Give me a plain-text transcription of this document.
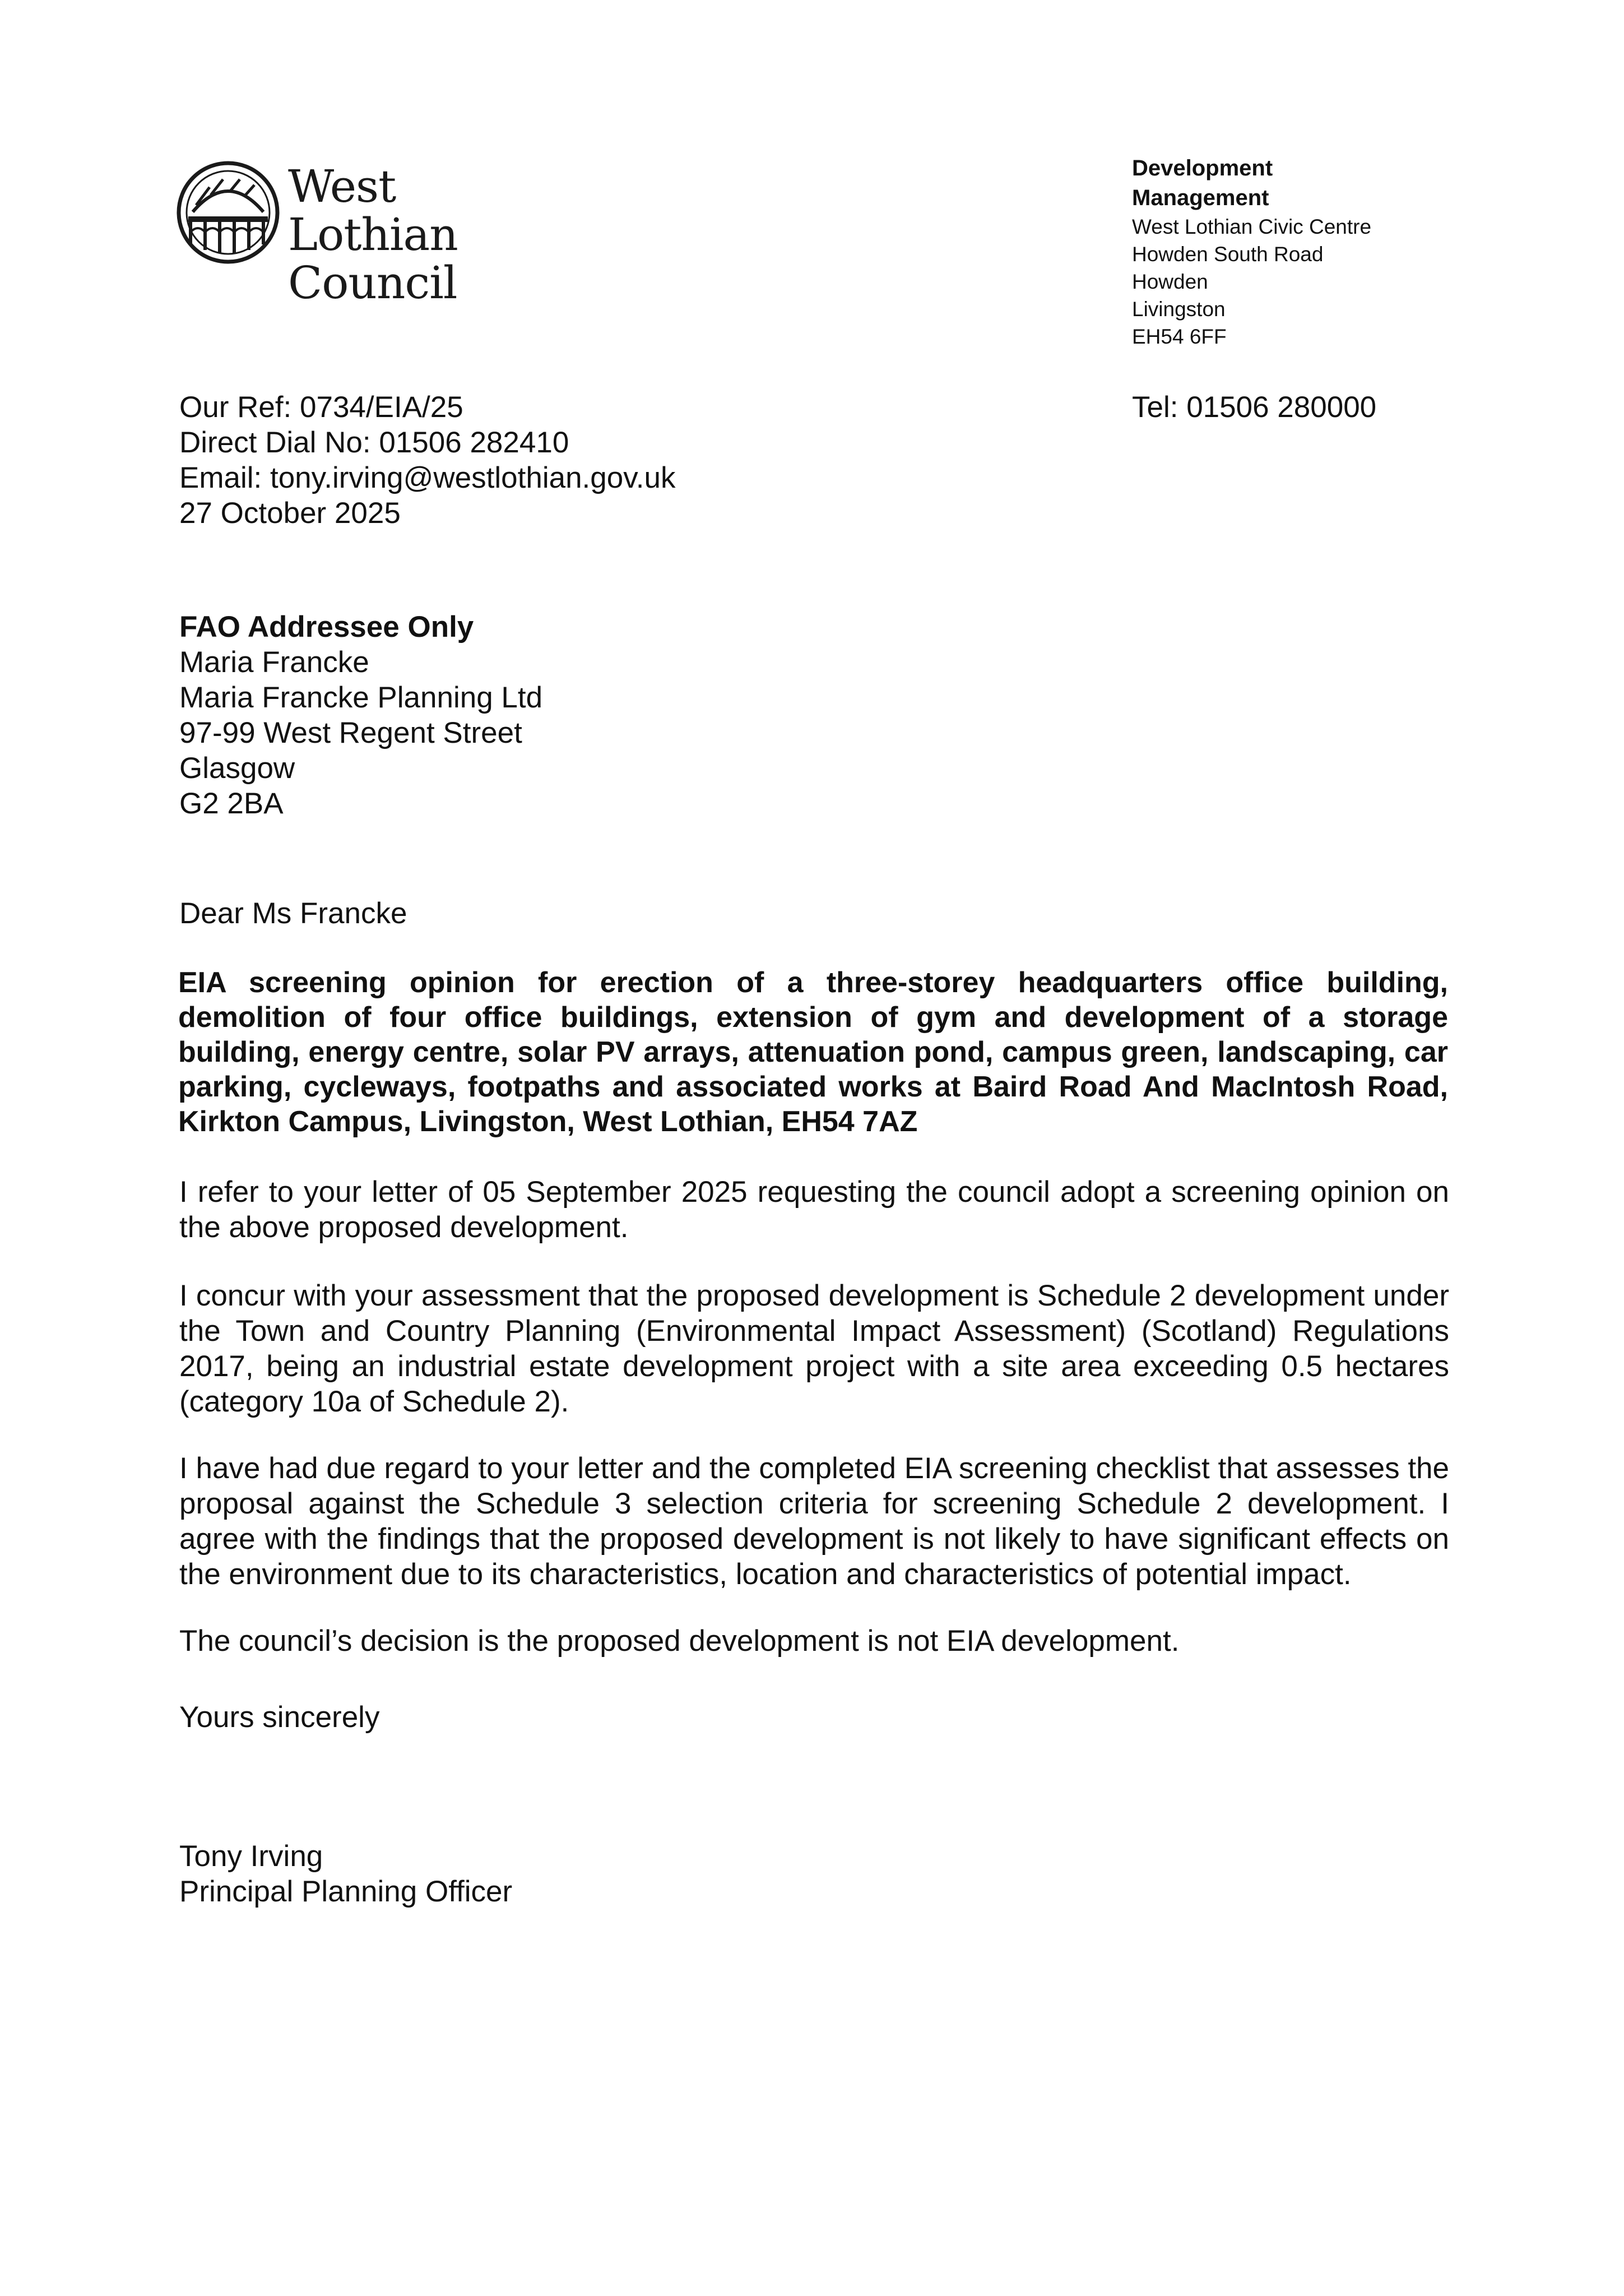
West Lothian
Council
Development
Management
West Lothian Civic Centre
Howden South Road
Howden
Livingston
EH54 6FF
Our Ref: 0734/EIA/25
Direct Dial No: 01506 282410
Email: tony.irving@westlothian.gov.uk
27 October 2025
Tel: 01506 280000
FAO Addressee Only
Maria Francke
Maria Francke Planning Ltd
97-99 West Regent Street
Glasgow
G2 2BA
Dear Ms Francke
EIA screening opinion for erection of a three-storey headquarters office building, demolition of four office buildings, extension of gym and development of a storage building, energy centre, solar PV arrays, attenuation pond, campus green, landscaping, car parking, cycleways, footpaths and associated works at Baird Road And MacIntosh Road, Kirkton Campus, Livingston, West Lothian, EH54 7AZ

I refer to your letter of 05 September 2025 requesting the council adopt a screening opinion on the above proposed development.

I concur with your assessment that the proposed development is Schedule 2 development under the Town and Country Planning (Environmental Impact Assessment) (Scotland) Regulations 2017, being an industrial estate development project with a site area exceeding 0.5 hectares (category 10a of Schedule 2).

I have had due regard to your letter and the completed EIA screening checklist that assesses the proposal against the Schedule 3 selection criteria for screening Schedule 2 development. I agree with the findings that the proposed development is not likely to have significant effects on the environment due to its characteristics, location and characteristics of potential impact.

The council’s decision is the proposed development is not EIA development.

Yours sincerely
Tony Irving
Principal Planning Officer
